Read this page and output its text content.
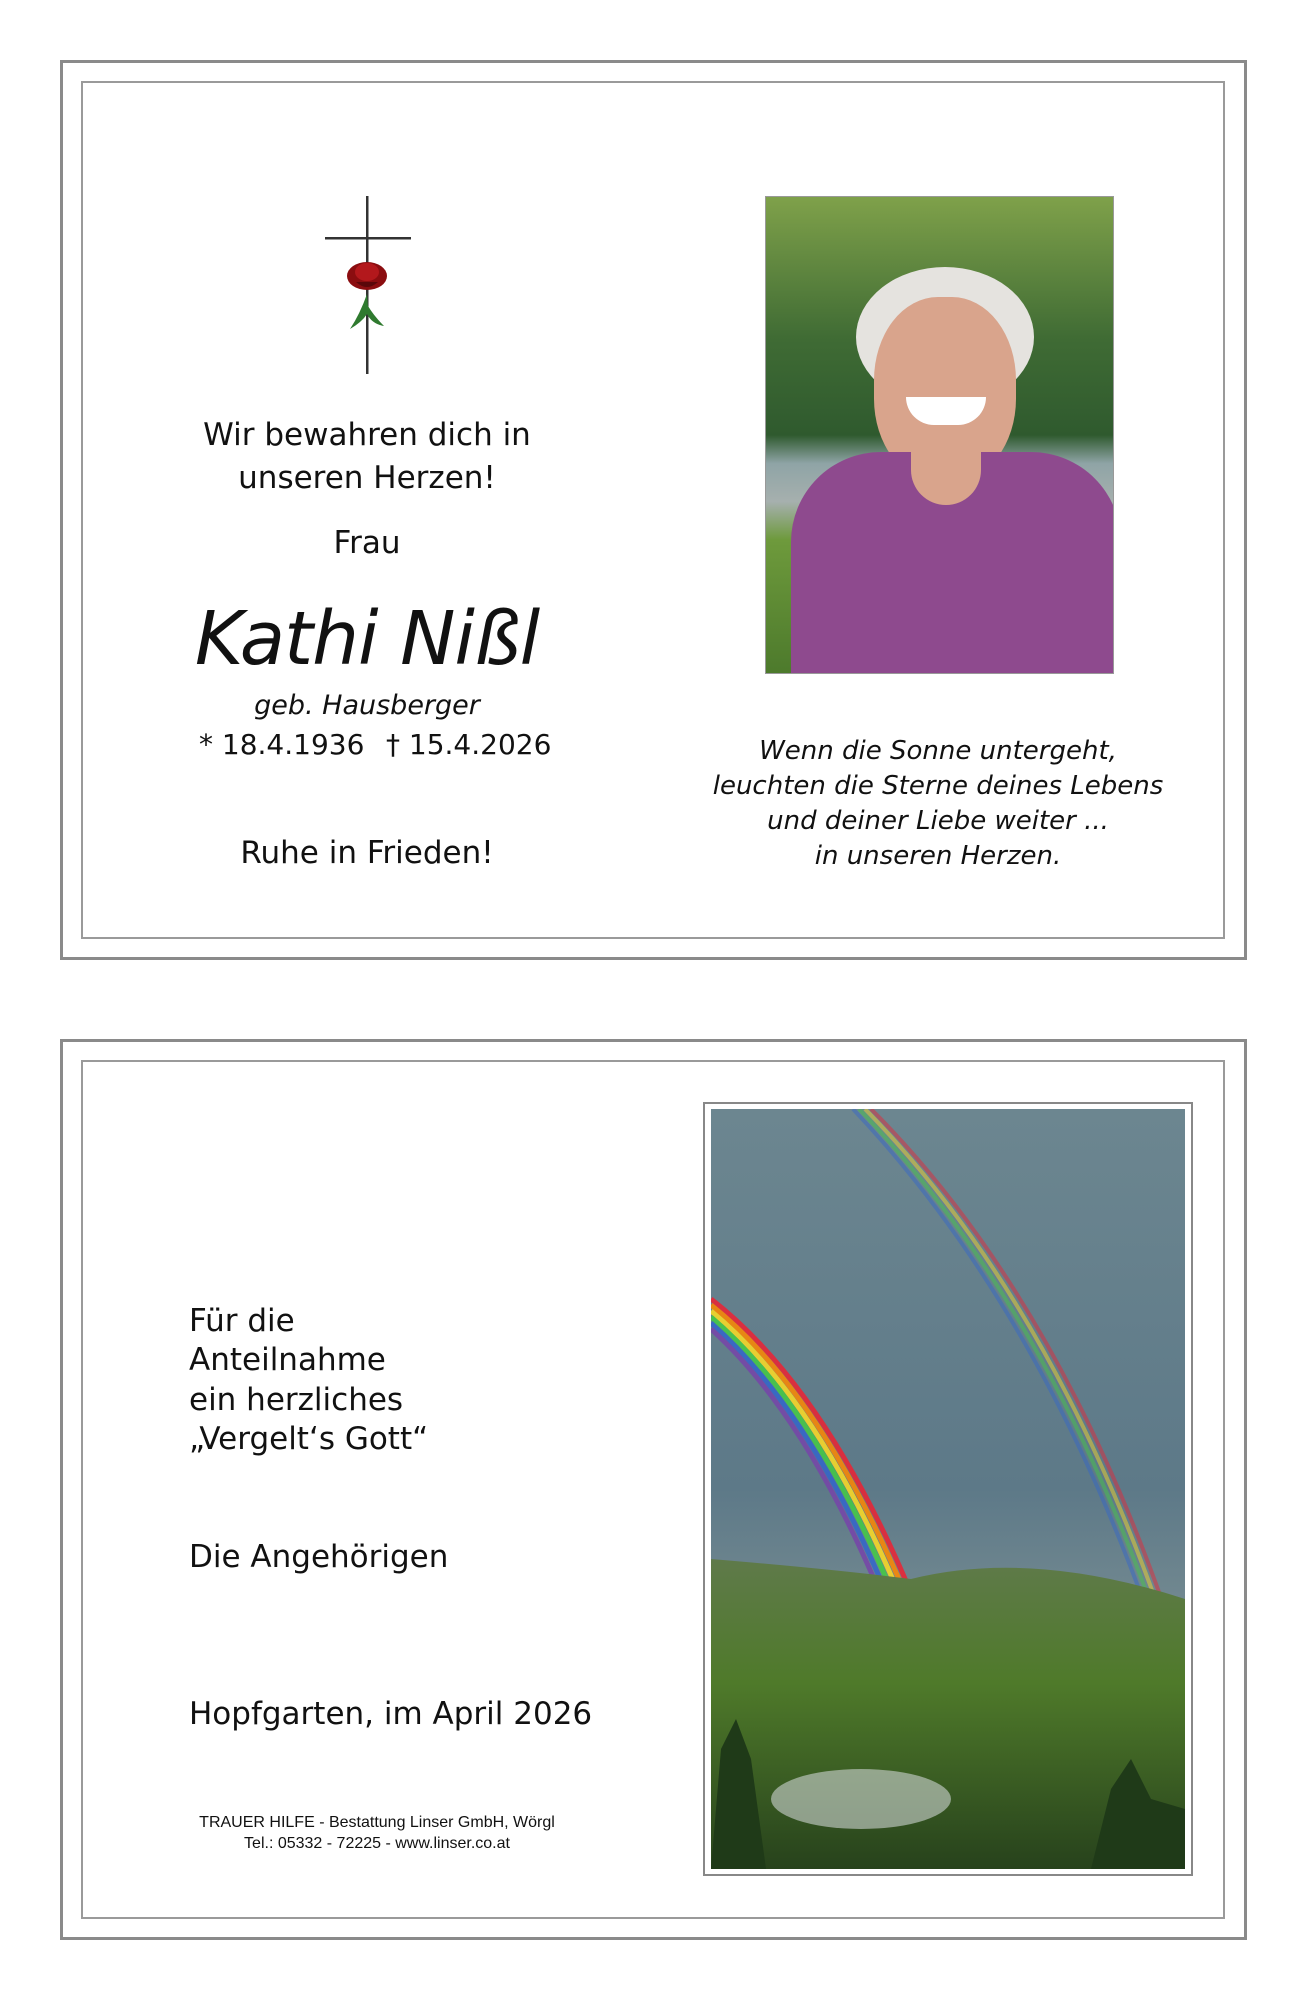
Wir bewahren dich in
unseren Herzen!
Frau
Kathi Nißl
geb. Hausberger
* 18.4.1936 † 15.4.2026
Ruhe in Frieden!
Wenn die Sonne untergeht,
leuchten die Sterne deines Lebens
und deiner Liebe weiter ...
in unseren Herzen.
Für die
Anteilnahme
ein herzliches
„Vergelt‘s Gott“
Die Angehörigen
Hopfgarten, im April 2026
TRAUER HILFE - Bestattung Linser GmbH, Wörgl
Tel.: 05332 - 72225 - www.linser.co.at
